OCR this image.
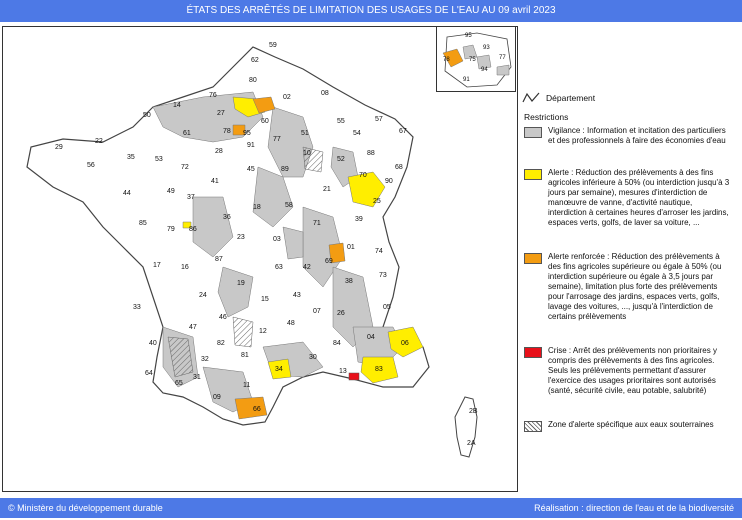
ÉTATS DES ARRÊTÉS DE LIMITATION DES USAGES DE L'EAU AU 09 avril 2023
76
80
02
08
59
62
14
50
29
22
56
35	53
72
61
27
60
95	51
55	57
54	67
88
10
52
68
70
25
90
39
21
89
45
28
41
37
86
79
85
44	49
36
18	58
71
03
23
87
16
17
24
19
15
63	42
43
69
01
74
73
38
26
07
48
12
46
47
33
40
64
65
32
82
81
34
30
13
84
04
05
06
83
11
66
09
31
2A
2B
77
91
78
95
93
78	75
94
91
77
Département
Restrictions
Vigilance : Information et incitation des particuliers et des professionnels à faire des économies d'eau
Alerte : Réduction des prélèvements à des fins agricoles inférieure à 50% (ou interdiction jusqu'à 3 jours par semaine), mesures d'interdiction de manœuvre de vanne, d'activité nautique, interdiction à certaines heures d'arroser les jardins, espaces verts, golfs, de laver sa voiture, ...
Alerte renforcée : Réduction des prélèvements à des fins agricoles supérieure ou égale à 50% (ou interdiction supérieure ou égale à 3,5 jours par semaine), limitation plus forte des prélèvements pour l'arrosage des jardins, espaces verts, golfs, lavage des voitures, ..., jusqu'à l'interdiction de certains prélèvements
Crise : Arrêt des prélèvements non prioritaires y compris des prélèvements à des fins agricoles. Seuls les prélèvements permettant d'assurer l'exercice des usages prioritaires sont autorisés (santé, sécurité civile, eau potable, salubrité)
Zone d'alerte spécifique aux eaux souterraines
© Ministère du développement durable	Réalisation : direction de l'eau et de la biodiversité
